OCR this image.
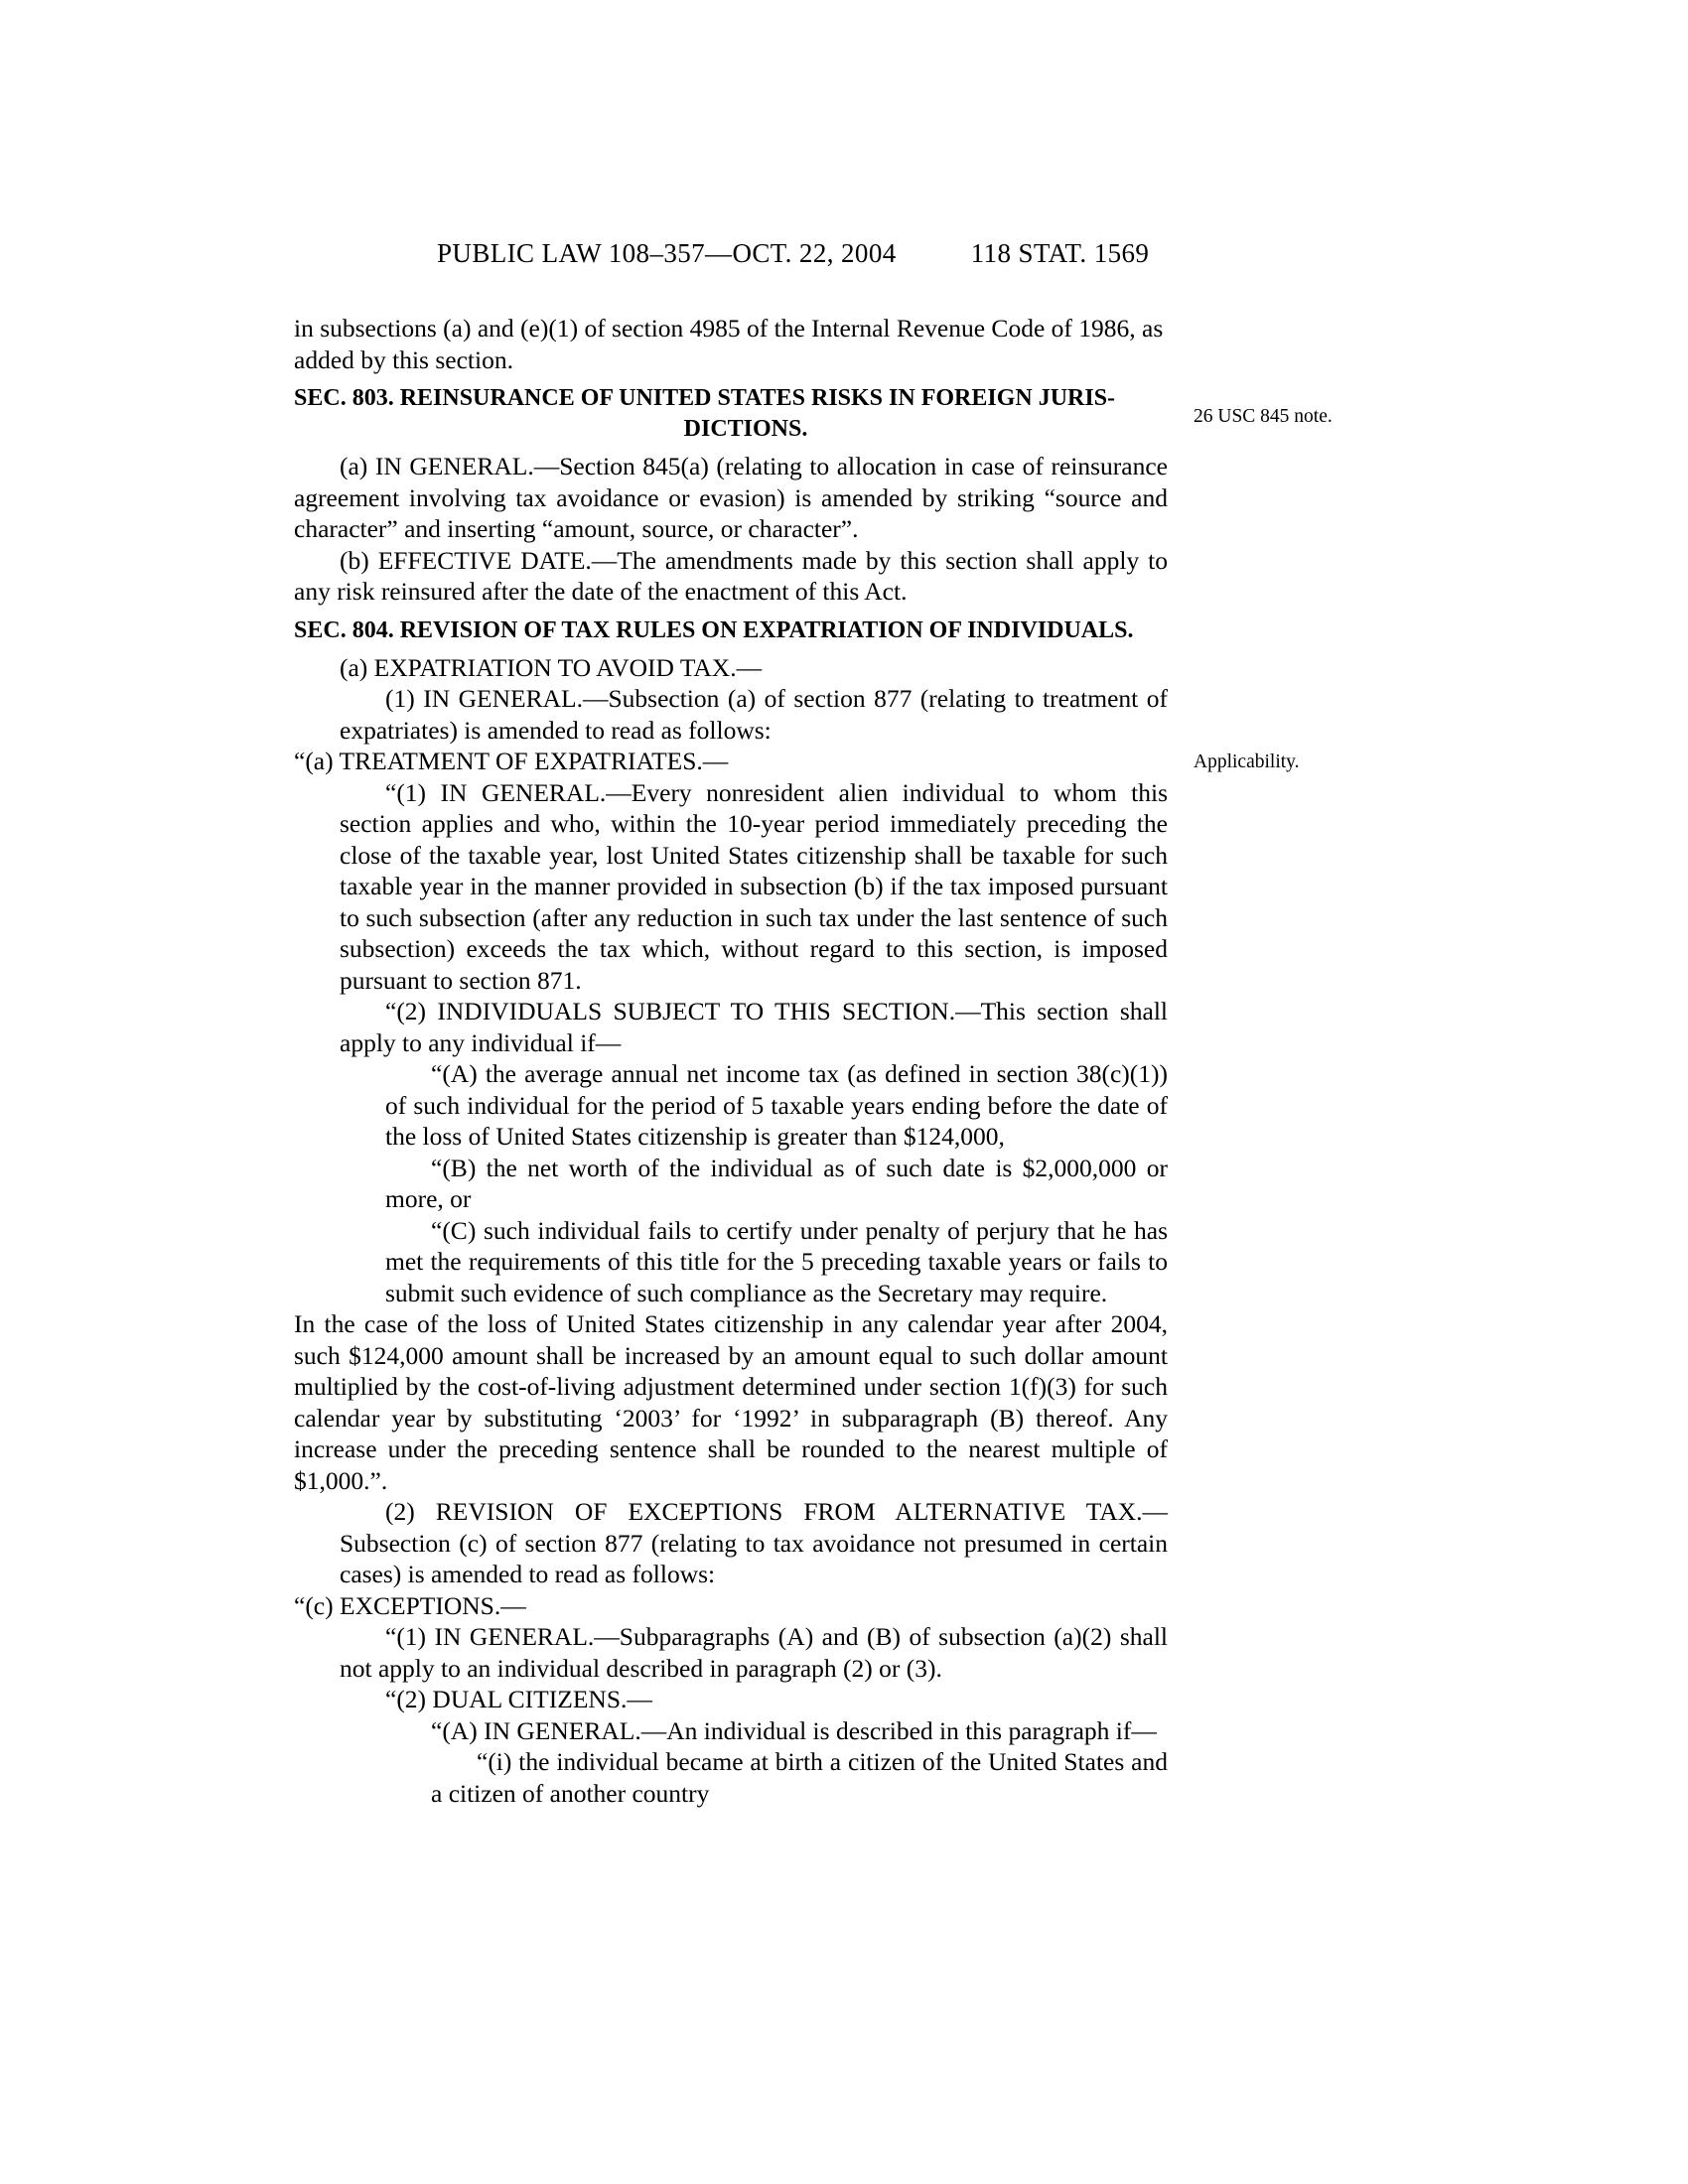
PUBLIC LAW 108–357—OCT. 22, 2004	118 STAT. 1569

in subsections (a) and (e)(1) of section 4985 of the Internal Revenue Code of 1986, as added by this section.

SEC. 803. REINSURANCE OF UNITED STATES RISKS IN FOREIGN JURIS-
DICTIONS.

(a) IN GENERAL.—Section 845(a) (relating to allocation in case of reinsurance agreement involving tax avoidance or evasion) is amended by striking “source and character” and inserting “amount, source, or character”.

(b) EFFECTIVE DATE.—The amendments made by this section shall apply to any risk reinsured after the date of the enactment of this Act.

SEC. 804. REVISION OF TAX RULES ON EXPATRIATION OF INDIVIDUALS.

(a) EXPATRIATION TO AVOID TAX.—

(1) IN GENERAL.—Subsection (a) of section 877 (relating to treatment of expatriates) is amended to read as follows:

“(a) TREATMENT OF EXPATRIATES.—

“(1) IN GENERAL.—Every nonresident alien individual to whom this section applies and who, within the 10-year period immediately preceding the close of the taxable year, lost United States citizenship shall be taxable for such taxable year in the manner provided in subsection (b) if the tax imposed pursuant to such subsection (after any reduction in such tax under the last sentence of such subsection) exceeds the tax which, without regard to this section, is imposed pursuant to section 871.

“(2) INDIVIDUALS SUBJECT TO THIS SECTION.—This section shall apply to any individual if—

“(A) the average annual net income tax (as defined in section 38(c)(1)) of such individual for the period of 5 taxable years ending before the date of the loss of United States citizenship is greater than $124,000,

“(B) the net worth of the individual as of such date is $2,000,000 or more, or

“(C) such individual fails to certify under penalty of perjury that he has met the requirements of this title for the 5 preceding taxable years or fails to submit such evidence of such compliance as the Secretary may require.

In the case of the loss of United States citizenship in any calendar year after 2004, such $124,000 amount shall be increased by an amount equal to such dollar amount multiplied by the cost-of-living adjustment determined under section 1(f)(3) for such calendar year by substituting ‘2003’ for ‘1992’ in subparagraph (B) thereof. Any increase under the preceding sentence shall be rounded to the nearest multiple of $1,000.”.

(2) REVISION OF EXCEPTIONS FROM ALTERNATIVE TAX.—Subsection (c) of section 877 (relating to tax avoidance not presumed in certain cases) is amended to read as follows:

“(c) EXCEPTIONS.—

“(1) IN GENERAL.—Subparagraphs (A) and (B) of subsection (a)(2) shall not apply to an individual described in paragraph (2) or (3).

“(2) DUAL CITIZENS.—

“(A) IN GENERAL.—An individual is described in this paragraph if—

“(i) the individual became at birth a citizen of the United States and a citizen of another country

26 USC 845 note.
Applicability.
